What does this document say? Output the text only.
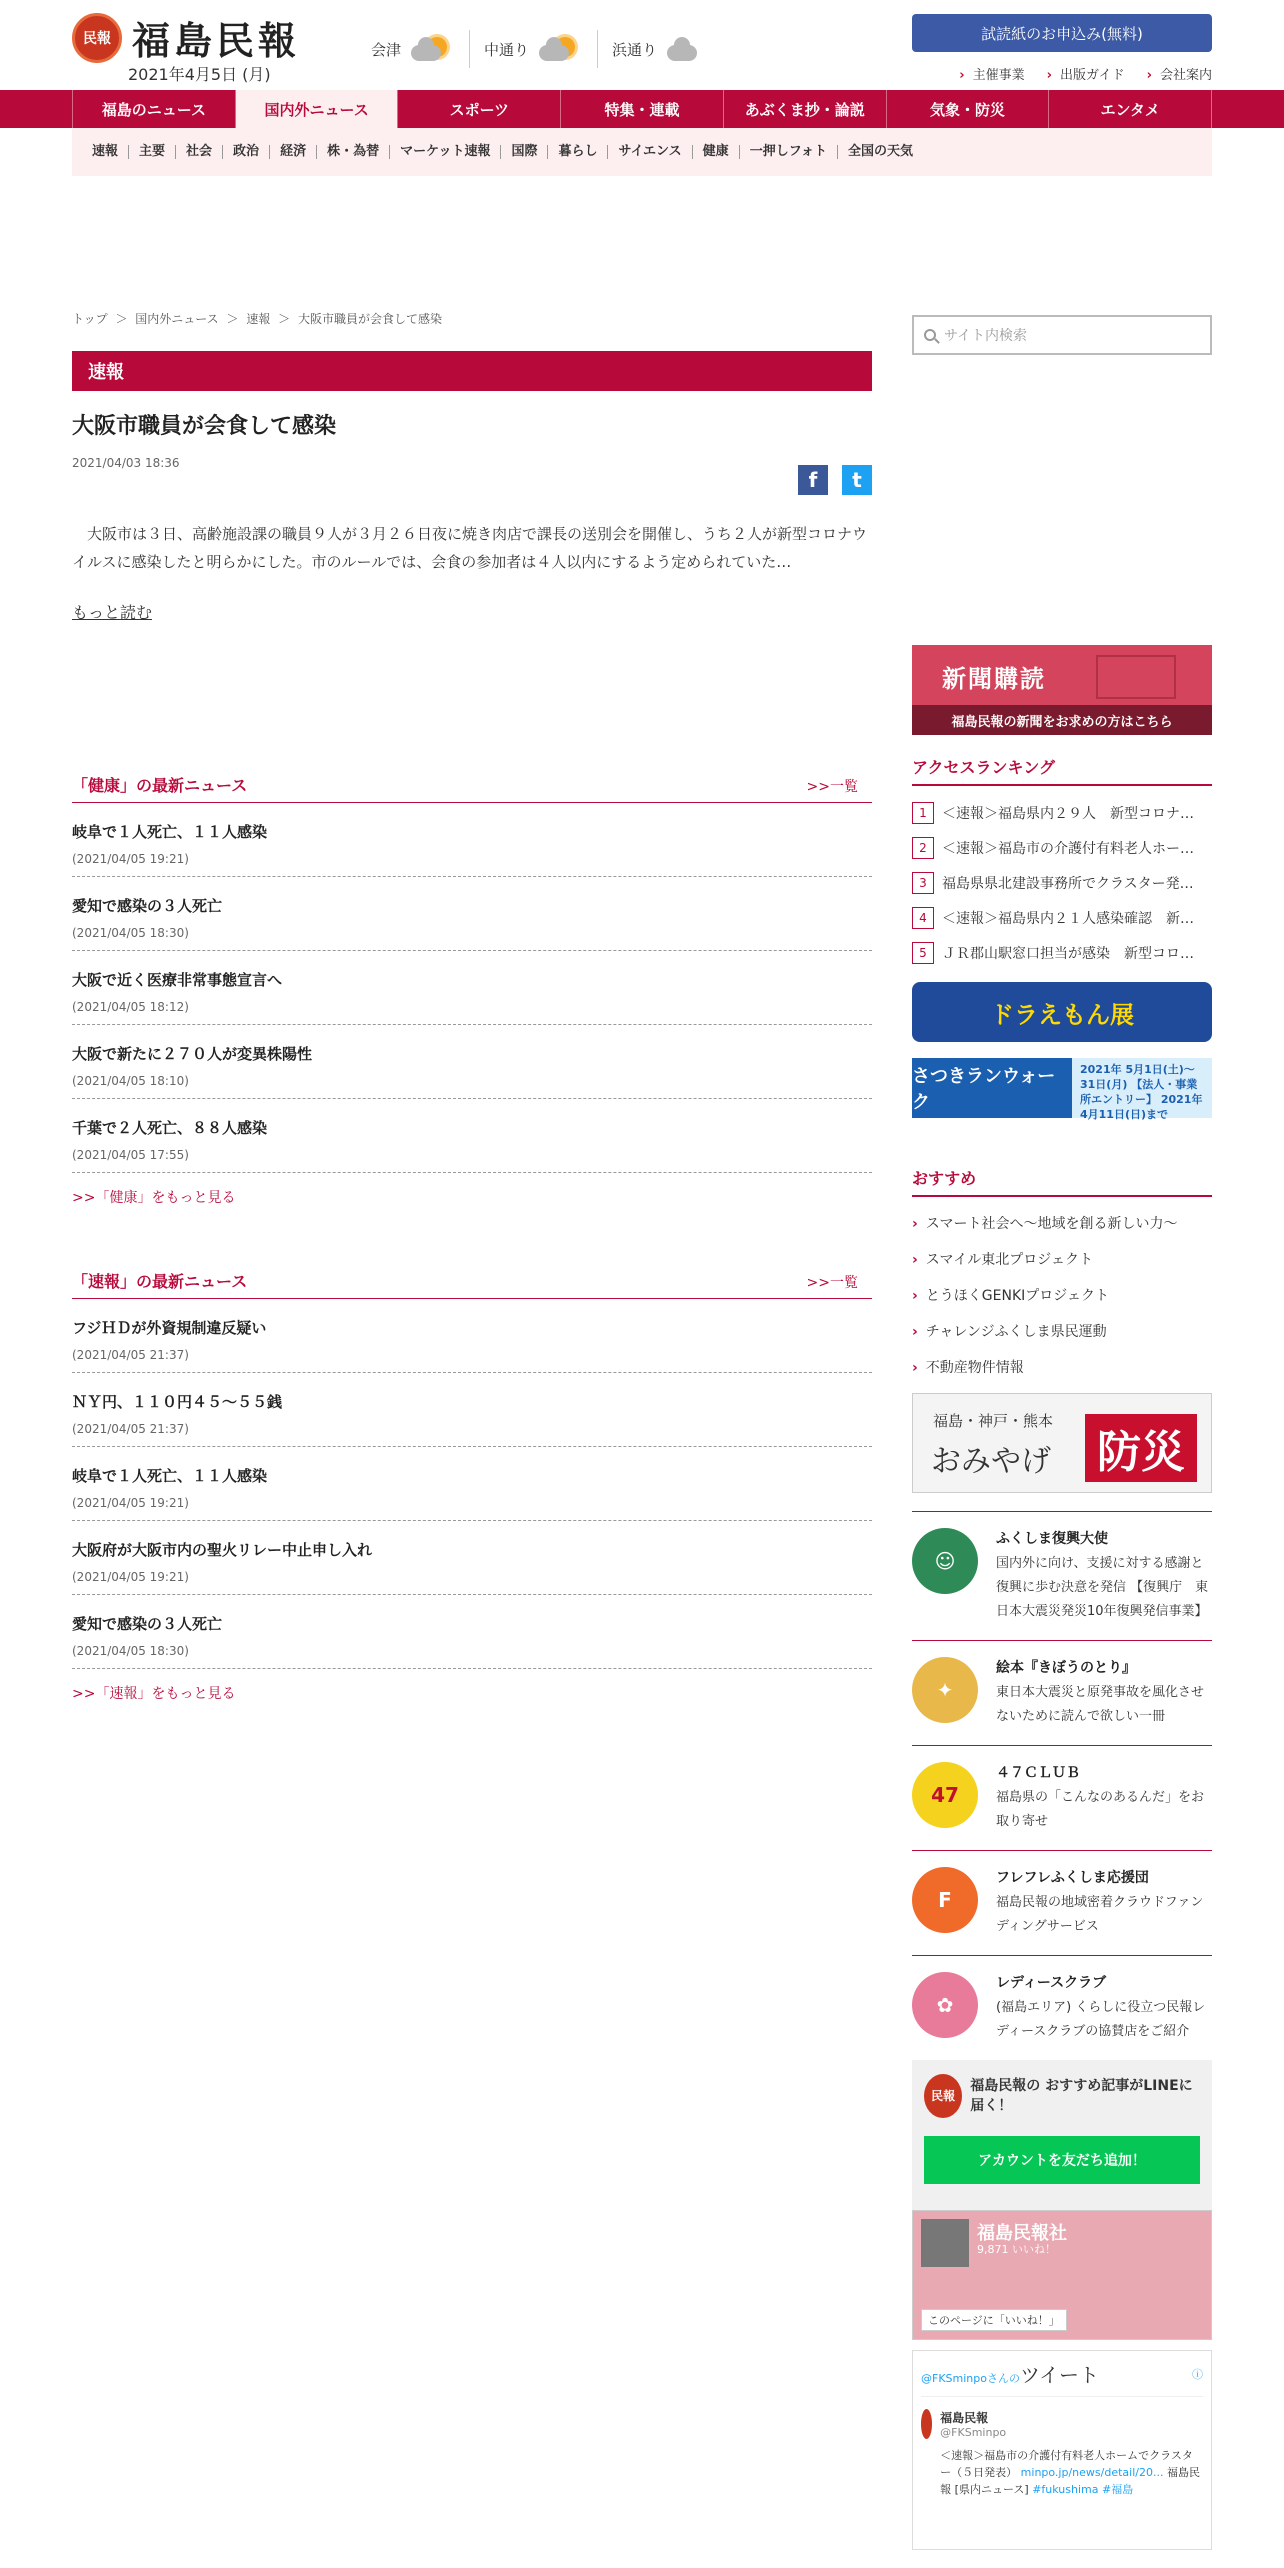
民報 福島民報
2021年4月5日 (月)
会津	中通り	浜通り
試読紙のお申込み(無料)
› 主催事業	› 出版ガイド	› 会社案内
福島のニュース	国内外ニュース	スポーツ	特集・連載	あぶくま抄・論説	気象・防災	エンタメ
速報	主要	社会	政治	経済	株・為替	マーケット速報	国際	暮らし	サイエンス	健康	一押しフォト	全国の天気
トップ ＞ 国内外ニュース ＞ 速報 ＞ 大阪市職員が会食して感染
速報
大阪市職員が会食して感染
2021/04/03 18:36
f	t

大阪市は３日、高齢施設課の職員９人が３月２６日夜に焼き肉店で課長の送別会を開催し、うち２人が新型コロナウイルスに感染したと明らかにした。市のルールでは、会食の参加者は４人以内にするよう定められていた…

もっと読む
「健康」の最新ニュース	>>一覧
岐阜で１人死亡、１１人感染
(2021/04/05 19:21)
愛知で感染の３人死亡
(2021/04/05 18:30)
大阪で近く医療非常事態宣言へ
(2021/04/05 18:12)
大阪で新たに２７０人が変異株陽性
(2021/04/05 18:10)
千葉で２人死亡、８８人感染
(2021/04/05 17:55)
>>「健康」をもっと見る
「速報」の最新ニュース	>>一覧
フジＨＤが外資規制違反疑い
(2021/04/05 21:37)
ＮＹ円、１１０円４５～５５銭
(2021/04/05 21:37)
岐阜で１人死亡、１１人感染
(2021/04/05 19:21)
大阪府が大阪市内の聖火リレー中止申し入れ
(2021/04/05 19:21)
愛知で感染の３人死亡
(2021/04/05 18:30)
>>「速報」をもっと見る
サイト内検索
新聞購読
福島民報の新聞をお求めの方はこちら
アクセスランキング
1	＜速報＞福島県内２９人　新型コロナ…
2	＜速報＞福島市の介護付有料老人ホー…
3	福島県県北建設事務所でクラスター発…
4	＜速報＞福島県内２１人感染確認　新…
5	ＪＲ郡山駅窓口担当が感染　新型コロ…
ドラえもん展
さつきランウォーク
2021年 5月1日(土)〜31日(月) 【法人・事業所エントリー】 2021年4月11日(日)まで
おすすめ
› スマート社会へ〜地域を創る新しい力〜
› スマイル東北プロジェクト
› とうほくGENKIプロジェクト
› チャレンジふくしま県民運動
› 不動産物件情報
福島・神戸・熊本
おみやげ 防災
☺
ふくしま復興大使
国内外に向け、支援に対する感謝と復興に歩む決意を発信 【復興庁　東日本大震災発災10年復興発信事業】
✦
絵本『きぼうのとり』
東日本大震災と原発事故を風化させないために読んで欲しい一冊
47
４７ＣＬＵＢ
福島県の「こんなのあるんだ」をお取り寄せ
F
フレフレふくしま応援団
福島民報の地域密着クラウドファンディングサービス
✿
レディースクラブ
(福島エリア) くらしに役立つ民報レディースクラブの協賛店をご紹介
民報
福島民報の おすすめ記事がLINEに届く！
アカウントを友だち追加！
福島民報社
9,871 いいね！
このページに「いいね！」
@FKSminpoさんのツイート	ⓘ
福島民報
@FKSminpo
＜速報＞福島市の介護付有料老人ホームでクラスター（５日発表） minpo.jp/news/detail/20... 福島民報 [県内ニュース] #fukushima #福島
